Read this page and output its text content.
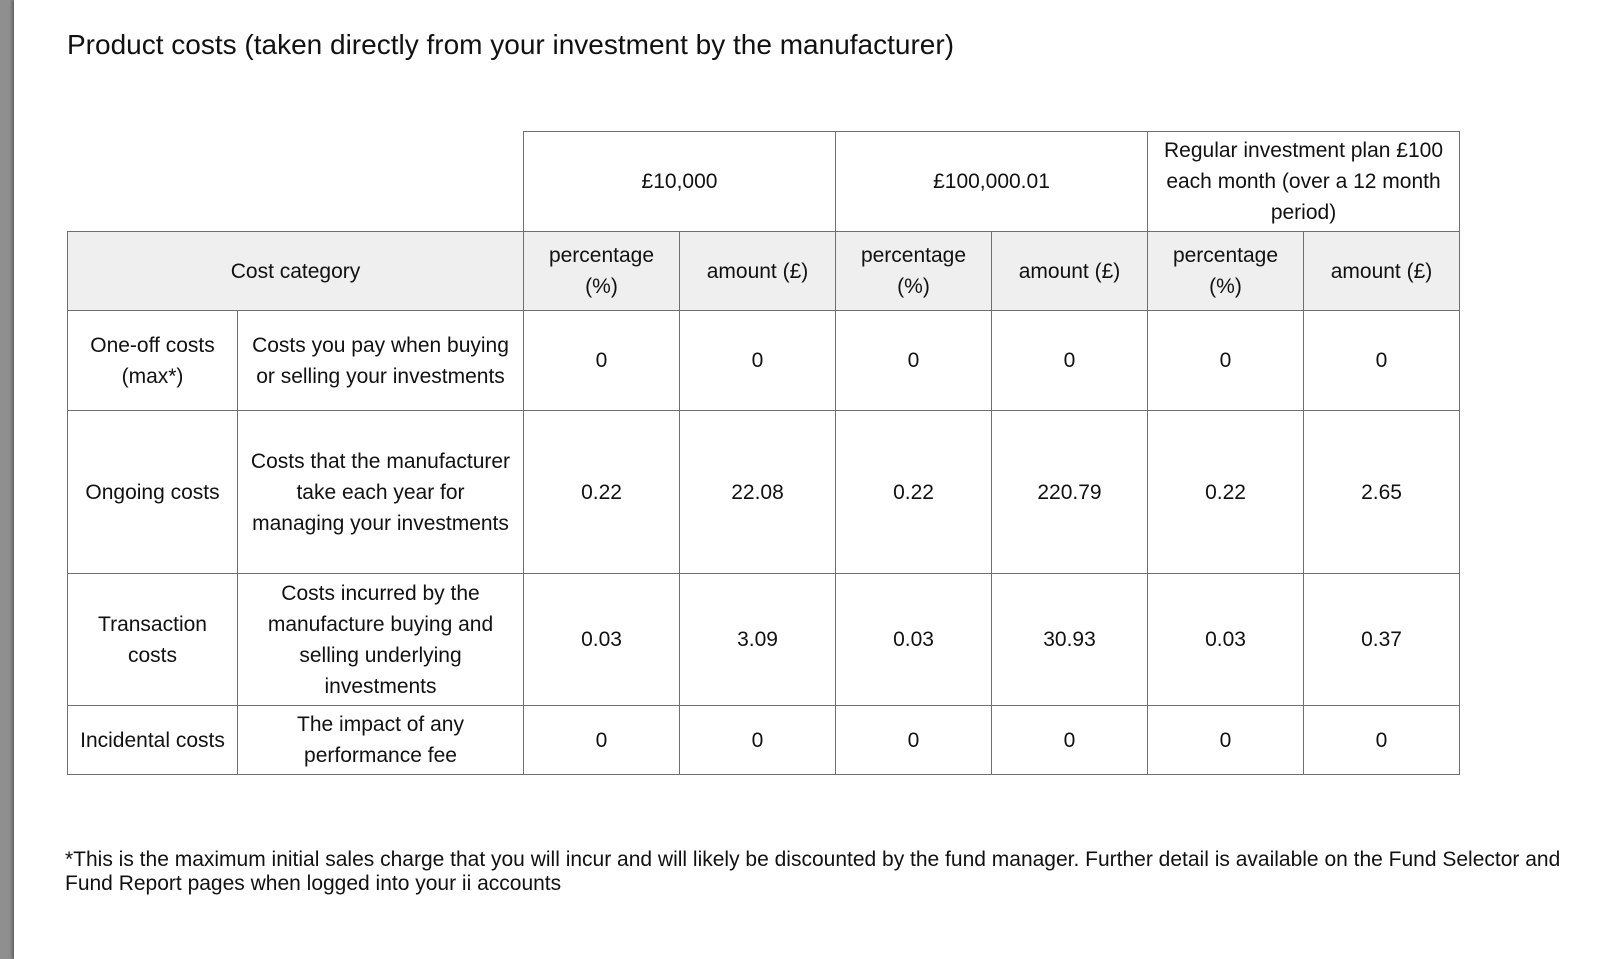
Product costs (taken directly from your investment by the manufacturer)
		£10,000		£100,000.01		Regular investment plan £100 each month (over a 12 month period)	
Cost category		percentage (%)	amount (£)	percentage (%)	amount (£)	percentage (%)	amount (£)
One-off costs (max*)	Costs you pay when buying or selling your investments	0	0	0	0	0	0
Ongoing costs	Costs that the manufacturer take each year for managing your investments	0.22	22.08	0.22	220.79	0.22	2.65
Transaction costs	Costs incurred by the manufacture buying and selling underlying investments	0.03	3.09	0.03	30.93	0.03	0.37
Incidental costs	The impact of any performance fee	0	0	0	0	0	0

*This is the maximum initial sales charge that you will incur and will likely be discounted by the fund manager. Further detail is available on the Fund Selector and Fund Report pages when logged into your ii accounts
